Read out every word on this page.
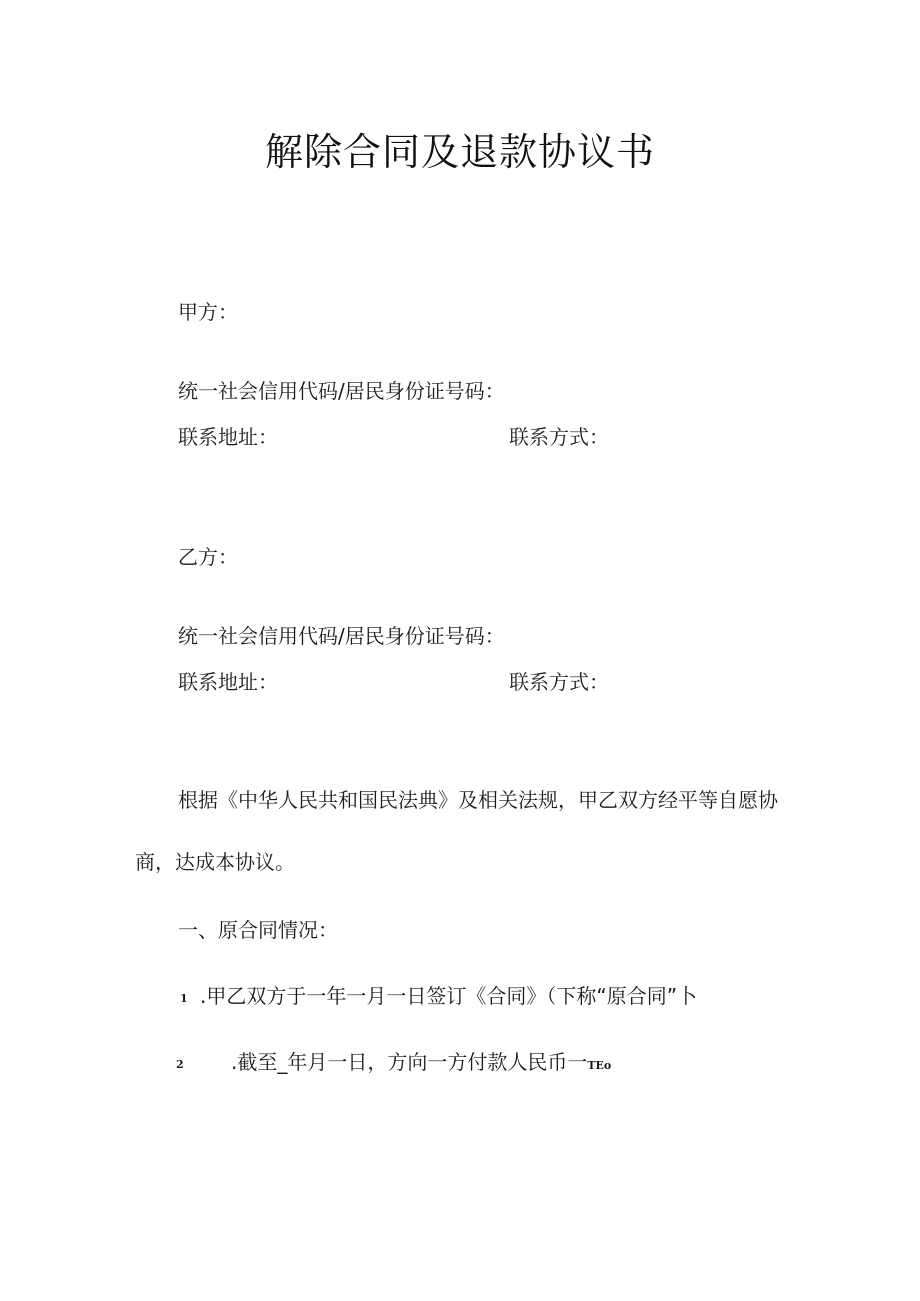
解除合同及退款协议书
甲方：
统一社会信用代码/居民身份证号码：
联系地址：	联系方式：
乙方：
统一社会信用代码/居民身份证号码：
联系地址：	联系方式：
根据《中华人民共和国民法典》及相关法规，甲乙双方经平等自愿协
商，达成本协议。
一、原合同情况：
1 .甲乙双方于一年一月一日签订《合同》（下称“原合同”卜
2 .截至_年月一日，方向一方付款人民币一TEo
